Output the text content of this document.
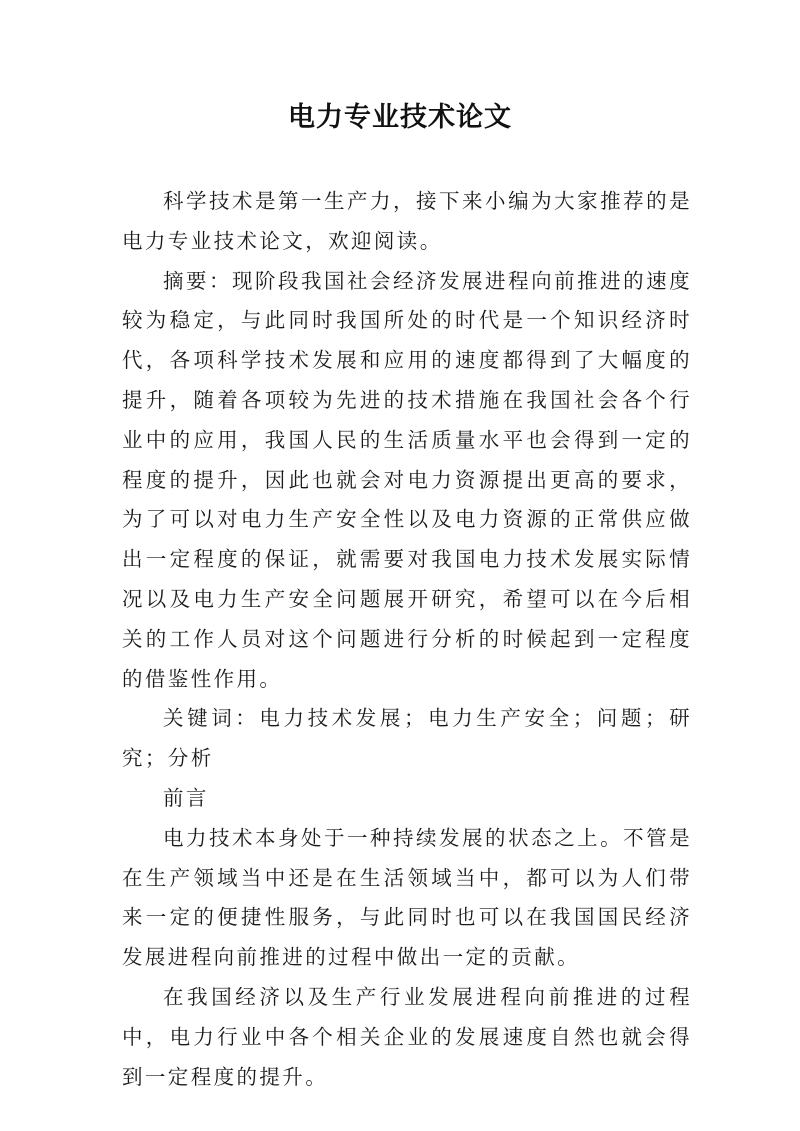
电力专业技术论文

科学技术是第一生产力，接下来小编为大家推荐的是电力专业技术论文，欢迎阅读。

摘要：现阶段我国社会经济发展进程向前推进的速度较为稳定，与此同时我国所处的时代是一个知识经济时代，各项科学技术发展和应用的速度都得到了大幅度的提升，随着各项较为先进的技术措施在我国社会各个行业中的应用，我国人民的生活质量水平也会得到一定的程度的提升，因此也就会对电力资源提出更高的要求，为了可以对电力生产安全性以及电力资源的正常供应做出一定程度的保证，就需要对我国电力技术发展实际情况以及电力生产安全问题展开研究，希望可以在今后相关的工作人员对这个问题进行分析的时候起到一定程度的借鉴性作用。

关键词：电力技术发展；电力生产安全；问题；研究；分析

前言

电力技术本身处于一种持续发展的状态之上。不管是在生产领域当中还是在生活领域当中，都可以为人们带来一定的便捷性服务，与此同时也可以在我国国民经济发展进程向前推进的过程中做出一定的贡献。

在我国经济以及生产行业发展进程向前推进的过程中，电力行业中各个相关企业的发展速度自然也就会得到一定程度的提升。
